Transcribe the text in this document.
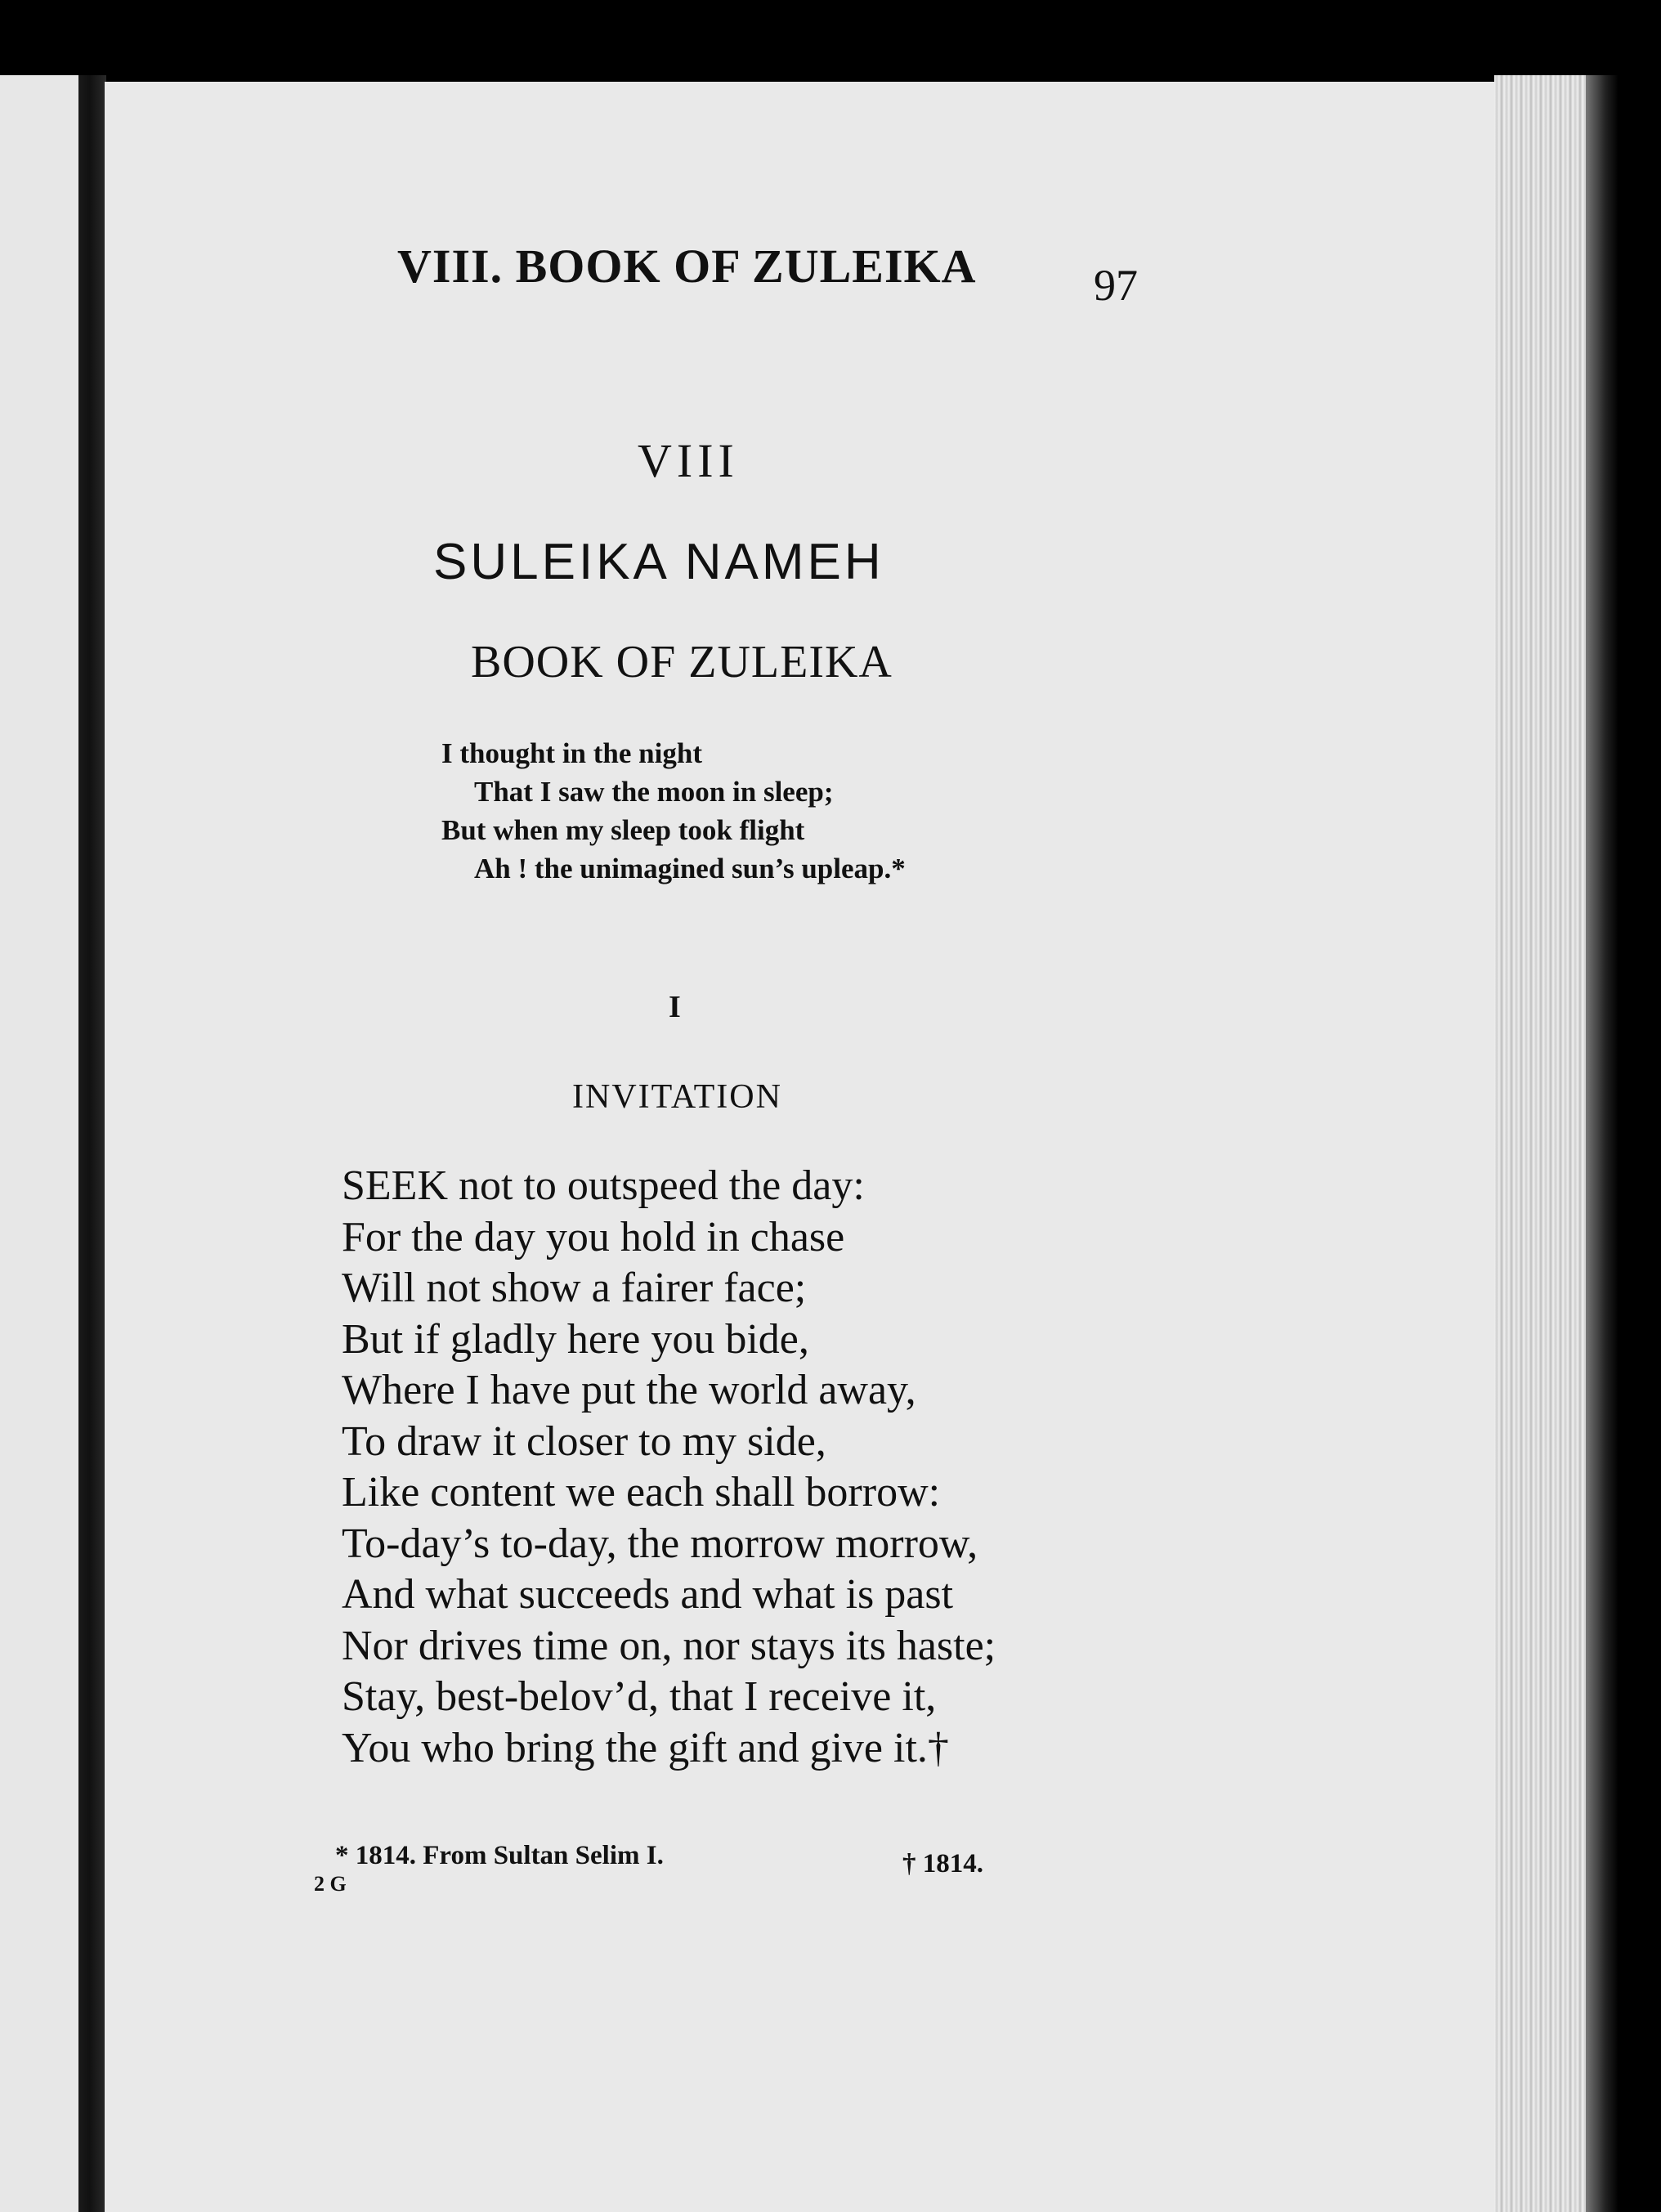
VIII. BOOK OF ZULEIKA	97
VIII
SULEIKA NAMEH
BOOK OF ZULEIKA
I thought in the night
That I saw the moon in sleep;
But when my sleep took flight
Ah ! the unimagined sun’s upleap.*
I
INVITATION
SEEK not to outspeed the day:
For the day you hold in chase
Will not show a fairer face;
But if gladly here you bide,
Where I have put the world away,
To draw it closer to my side,
Like content we each shall borrow:
To-day’s to-day, the morrow morrow,
And what succeeds and what is past
Nor drives time on, nor stays its haste;
Stay, best-belov’d, that I receive it,
You who bring the gift and give it.†
* 1814. From Sultan Selim I.	† 1814.
2 G
